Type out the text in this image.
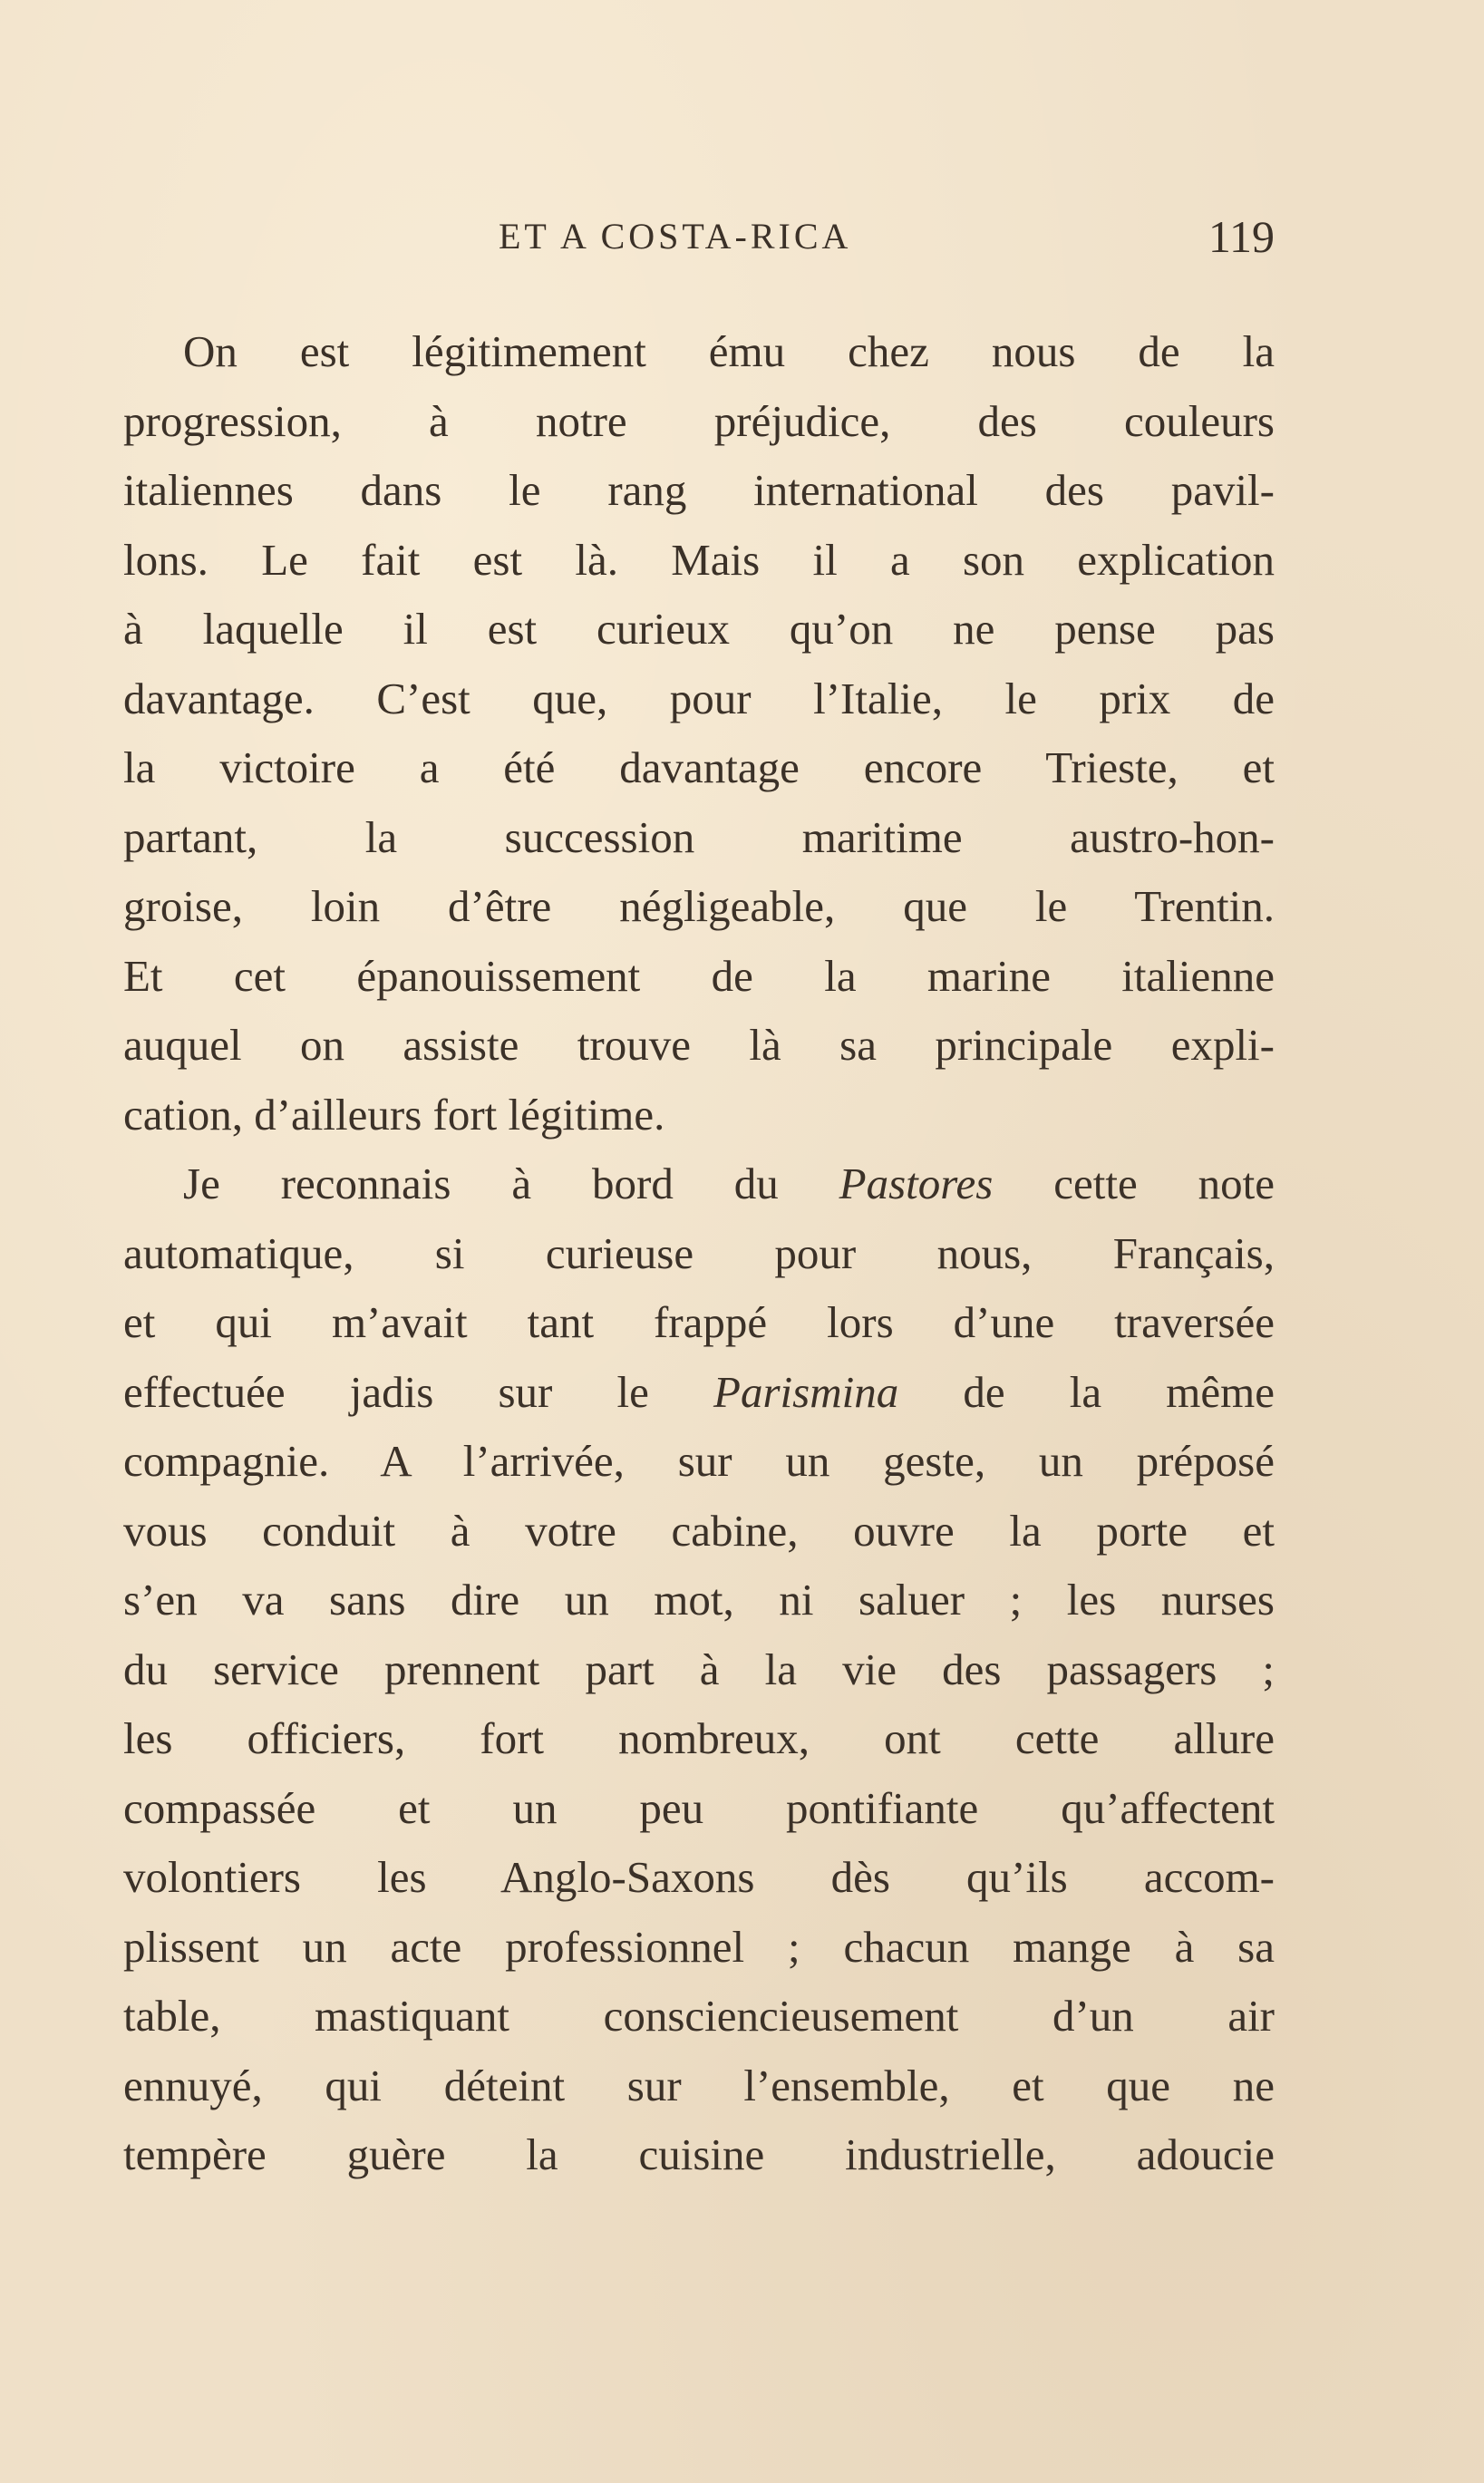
ET A COSTA-RICA	119
On est légitimement ému chez nous de la
progression, à notre préjudice, des couleurs
italiennes dans le rang international des pavil-
lons. Le fait est là. Mais il a son explication
à laquelle il est curieux qu’on ne pense pas
davantage. C’est que, pour l’Italie, le prix de
la victoire a été davantage encore Trieste, et
partant, la succession maritime austro-hon-
groise, loin d’être négligeable, que le Trentin.
Et cet épanouissement de la marine italienne
auquel on assiste trouve là sa principale expli-
cation, d’ailleurs fort légitime.
Je reconnais à bord du Pastores cette note
automatique, si curieuse pour nous, Français,
et qui m’avait tant frappé lors d’une traversée
effectuée jadis sur le Parismina de la même
compagnie. A l’arrivée, sur un geste, un préposé
vous conduit à votre cabine, ouvre la porte et
s’en va sans dire un mot, ni saluer ; les nurses
du service prennent part à la vie des passagers ;
les officiers, fort nombreux, ont cette allure
compassée et un peu pontifiante qu’affectent
volontiers les Anglo-Saxons dès qu’ils accom-
plissent un acte professionnel ; chacun mange à sa
table, mastiquant consciencieusement d’un air
ennuyé, qui déteint sur l’ensemble, et que ne
tempère guère la cuisine industrielle, adoucie
